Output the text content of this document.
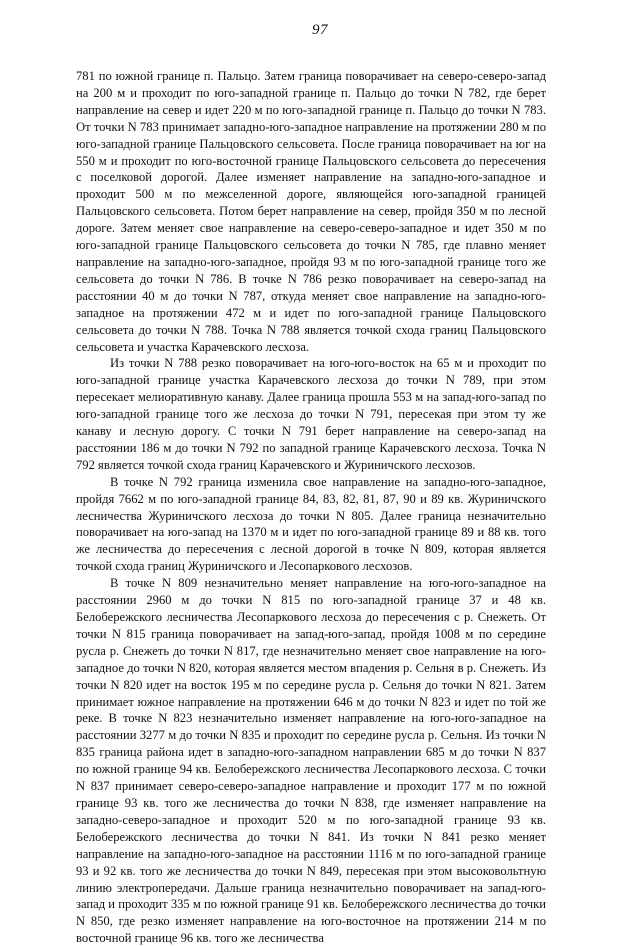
97

781 по южной границе п. Пальцо. Затем граница поворачивает на северо-северо-запад на 200 м и проходит по юго-западной границе п. Пальцо до точки N 782, где берет направление на север и идет 220 м по юго-западной границе п. Пальцо до точки N 783. От точки N 783 принимает западно-юго-западное направление на протяжении 280 м по юго-западной границе Пальцовского сельсовета. После граница поворачивает на юг на 550 м и проходит по юго-восточной границе Пальцовского сельсовета до пересечения с поселковой дорогой. Далее изменяет направление на западно-юго-западное и проходит 500 м по межселенной дороге, являющейся юго-западной границей Пальцовского сельсовета. Потом берет направление на север, пройдя 350 м по лесной дороге. Затем меняет свое направление на северо-северо-западное и идет 350 м по юго-западной границе Пальцовского сельсовета до точки N 785, где плавно меняет направление на западно-юго-западное, пройдя 93 м по юго-западной границе того же сельсовета до точки N 786. В точке N 786 резко поворачивает на северо-запад на расстоянии 40 м до точки N 787, откуда меняет свое направление на западно-юго-западное на протяжении 472 м и идет по юго-западной границе Пальцовского сельсовета до точки N 788. Точка N 788 является точкой схода границ Пальцовского сельсовета и участка Карачевского лесхоза.

Из точки N 788 резко поворачивает на юго-юго-восток на 65 м и проходит по юго-западной границе участка Карачевского лесхоза до точки N 789, при этом пересекает мелиоративную канаву. Далее граница прошла 553 м на запад-юго-запад по юго-западной границе того же лесхоза до точки N 791, пересекая при этом ту же канаву и лесную дорогу. С точки N 791 берет направление на северо-запад на расстоянии 186 м до точки N 792 по западной границе Карачевского лесхоза. Точка N 792 является точкой схода границ Карачевского и Журиничского лесхозов.

В точке N 792 граница изменила свое направление на западно-юго-западное, пройдя 7662 м по юго-западной границе 84, 83, 82, 81, 87, 90 и 89 кв. Журиничского лесничества Журиничского лесхоза до точки N 805. Далее граница незначительно поворачивает на юго-запад на 1370 м и идет по юго-западной границе 89 и 88 кв. того же лесничества до пересечения с лесной дорогой в точке N 809, которая является точкой схода границ Журиничского и Лесопаркового лесхозов.

В точке N 809 незначительно меняет направление на юго-юго-западное на расстоянии 2960 м до точки N 815 по юго-западной границе 37 и 48 кв. Белобережского лесничества Лесопаркового лесхоза до пересечения с р. Снежеть. От точки N 815 граница поворачивает на запад-юго-запад, пройдя 1008 м по середине русла р. Снежеть до точки N 817, где незначительно меняет свое направление на юго-западное до точки N 820, которая является местом впадения р. Сельня в р. Снежеть. Из точки N 820 идет на восток 195 м по середине русла р. Сельня до точки N 821. Затем принимает южное направление на протяжении 646 м до точки N 823 и идет по той же реке. В точке N 823 незначительно изменяет направление на юго-юго-западное на расстоянии 3277 м до точки N 835 и проходит по середине русла р. Сельня. Из точки N 835 граница района идет в западно-юго-западном направлении 685 м до точки N 837 по южной границе 94 кв. Белобережского лесничества Лесопаркового лесхоза. С точки N 837 принимает северо-северо-западное направление и проходит 177 м по южной границе 93 кв. того же лесничества до точки N 838, где изменяет направление на западно-северо-западное и проходит 520 м по юго-западной границе 93 кв. Белобережского лесничества до точки N 841. Из точки N 841 резко меняет направление на западно-юго-западное на расстоянии 1116 м по юго-западной границе 93 и 92 кв. того же лесничества до точки N 849, пересекая при этом высоковольтную линию электропередачи. Дальше граница незначительно поворачивает на запад-юго-запад и проходит 335 м по южной границе 91 кв. Белобережского лесничества до точки N 850, где резко изменяет направление на юго-восточное на протяжении 214 м по восточной границе 96 кв. того же лесничества
